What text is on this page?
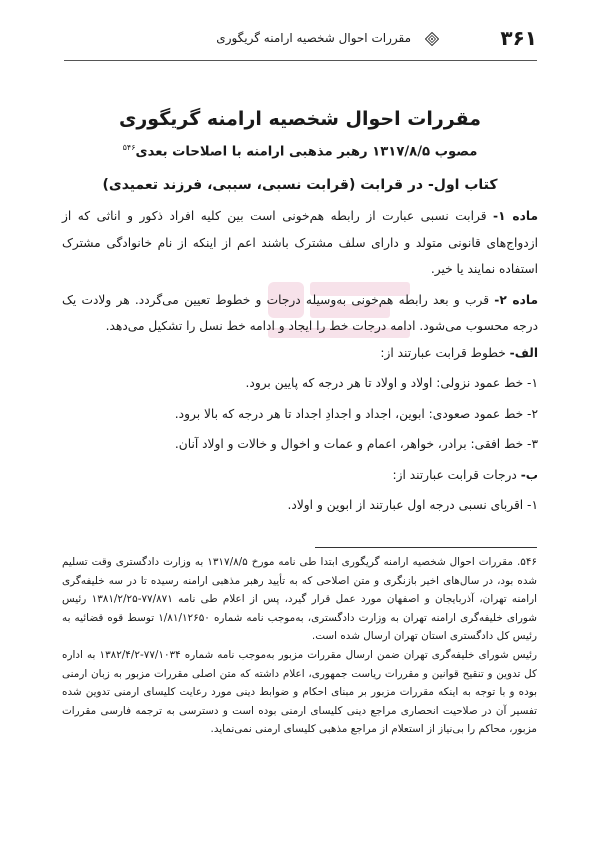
۳۶۱
مقررات احوال شخصیه ارامنه گریگوری
مقررات احوال شخصیه ارامنه گریگوری
مصوب ۱۳۱۷/۸/۵ رهبر مذهبی ارامنه با اصلاحات بعدی$^{۵۴۶}$
کتاب اول- در قرابت (قرابت نسبی، سببی، فرزند تعمیدی)

ماده ۱- قرابت نسبی عبارت از رابطه هم‌خونی است بین کلیه افراد ذکور و اناثی که از ازدواج‌های قانونی متولد و دارای سلف مشترک باشند اعم از اینکه از نام خانوادگی مشترک استفاده نمایند یا خیر.

ماده ۲- قرب و بعد رابطه هم‌خونی به‌وسیله درجات و خطوط تعیین می‌گردد. هر ولادت یک درجه محسوب می‌شود. ادامه درجات خط را ایجاد و ادامه خط نسل را تشکیل می‌دهد.

الف- خطوط قرابت عبارتند از:

۱- خط عمود نزولی: اولاد و اولاد تا هر درجه که پایین برود.

۲- خط عمود صعودی: ابوین، اجداد و اجدادِ اجداد تا هر درجه که بالا برود.

۳- خط افقی: برادر، خواهر، اعمام و عمات و اخوال و خالات و اولاد آنان.

ب- درجات قرابت عبارتند از:

۱- اقربای نسبی درجه اول عبارتند از ابوین و اولاد.

۵۴۶. مقررات احوال شخصیه ارامنه گریگوری ابتدا طی نامه مورخ ۱۳۱۷/۸/۵ به وزارت دادگستری وقت تسلیم شده بود، در سال‌های اخیر بازنگری و متن اصلاحی که به تأیید رهبر مذهبی ارامنه رسیده تا در سه خلیفه‌گری ارامنه تهران، آذربایجان و اصفهان مورد عمل قرار گیرد، پس از اعلام طی نامه ۷۷/۸۷۱-۱۳۸۱/۲/۲۵ رئیس شورای خلیفه‌گری ارامنه تهران به وزارت دادگستری، به‌موجب نامه شماره ۱/۸۱/۱۲۶۵۰ توسط قوه قضائیه به رئیس کل دادگستری استان تهران ارسال شده است.

رئیس شورای خلیفه‌گری تهران ضمن ارسال مقررات مزبور به‌موجب نامه شماره ۷۷/۱۰۳۴-۱۳۸۲/۴/۲ به اداره کل تدوین و تنقیح قوانین و مقررات ریاست جمهوری، اعلام داشته که متن اصلی مقررات مزبور به زبان ارمنی بوده و با توجه به اینکه مقررات مزبور بر مبنای احکام و ضوابط دینی مورد رعایت کلیسای ارمنی تدوین شده تفسیر آن در صلاحیت انحصاری مراجع دینی کلیسای ارمنی بوده است و دسترسی به ترجمه فارسی مقررات مزبور، محاکم را بی‌نیاز از استعلام از مراجع مذهبی کلیسای ارمنی نمی‌نماید.
